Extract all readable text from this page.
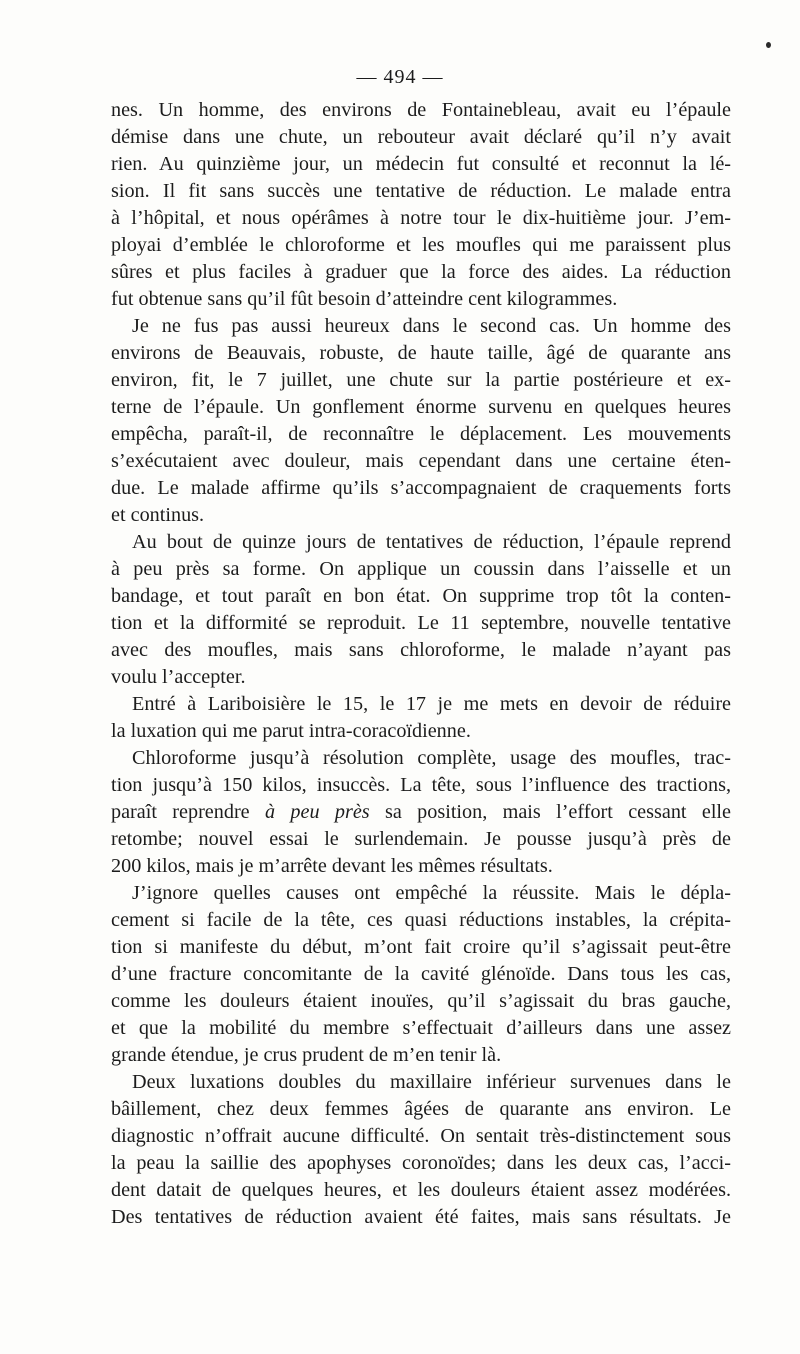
— 494 —

nes. Un homme, des environs de Fontainebleau, avait eu l’épaule

démise dans une chute, un rebouteur avait déclaré qu’il n’y avait

rien. Au quinzième jour, un médecin fut consulté et reconnut la lé-

sion. Il fit sans succès une tentative de réduction. Le malade entra

à l’hôpital, et nous opérâmes à notre tour le dix-huitième jour. J’em-

ployai d’emblée le chloroforme et les moufles qui me paraissent plus

sûres et plus faciles à graduer que la force des aides. La réduction

fut obtenue sans qu’il fût besoin d’atteindre cent kilogrammes.

Je ne fus pas aussi heureux dans le second cas. Un homme des

environs de Beauvais, robuste, de haute taille, âgé de quarante ans

environ, fit, le 7 juillet, une chute sur la partie postérieure et ex-

terne de l’épaule. Un gonflement énorme survenu en quelques heures

empêcha, paraît-il, de reconnaître le déplacement. Les mouvements

s’exécutaient avec douleur, mais cependant dans une certaine éten-

due. Le malade affirme qu’ils s’accompagnaient de craquements forts

et continus.

Au bout de quinze jours de tentatives de réduction, l’épaule reprend

à peu près sa forme. On applique un coussin dans l’aisselle et un

bandage, et tout paraît en bon état. On supprime trop tôt la conten-

tion et la difformité se reproduit. Le 11 septembre, nouvelle tentative

avec des moufles, mais sans chloroforme, le malade n’ayant pas

voulu l’accepter.

Entré à Lariboisière le 15, le 17 je me mets en devoir de réduire

la luxation qui me parut intra-coracoïdienne.

Chloroforme jusqu’à résolution complète, usage des moufles, trac-

tion jusqu’à 150 kilos, insuccès. La tête, sous l’influence des tractions,

paraît reprendre à peu près sa position, mais l’effort cessant elle

retombe; nouvel essai le surlendemain. Je pousse jusqu’à près de

200 kilos, mais je m’arrête devant les mêmes résultats.

J’ignore quelles causes ont empêché la réussite. Mais le dépla-

cement si facile de la tête, ces quasi réductions instables, la crépita-

tion si manifeste du début, m’ont fait croire qu’il s’agissait peut-être

d’une fracture concomitante de la cavité glénoïde. Dans tous les cas,

comme les douleurs étaient inouïes, qu’il s’agissait du bras gauche,

et que la mobilité du membre s’effectuait d’ailleurs dans une assez

grande étendue, je crus prudent de m’en tenir là.

Deux luxations doubles du maxillaire inférieur survenues dans le

bâillement, chez deux femmes âgées de quarante ans environ. Le

diagnostic n’offrait aucune difficulté. On sentait très-distinctement sous

la peau la saillie des apophyses coronoïdes; dans les deux cas, l’acci-

dent datait de quelques heures, et les douleurs étaient assez modérées.

Des tentatives de réduction avaient été faites, mais sans résultats. Je
